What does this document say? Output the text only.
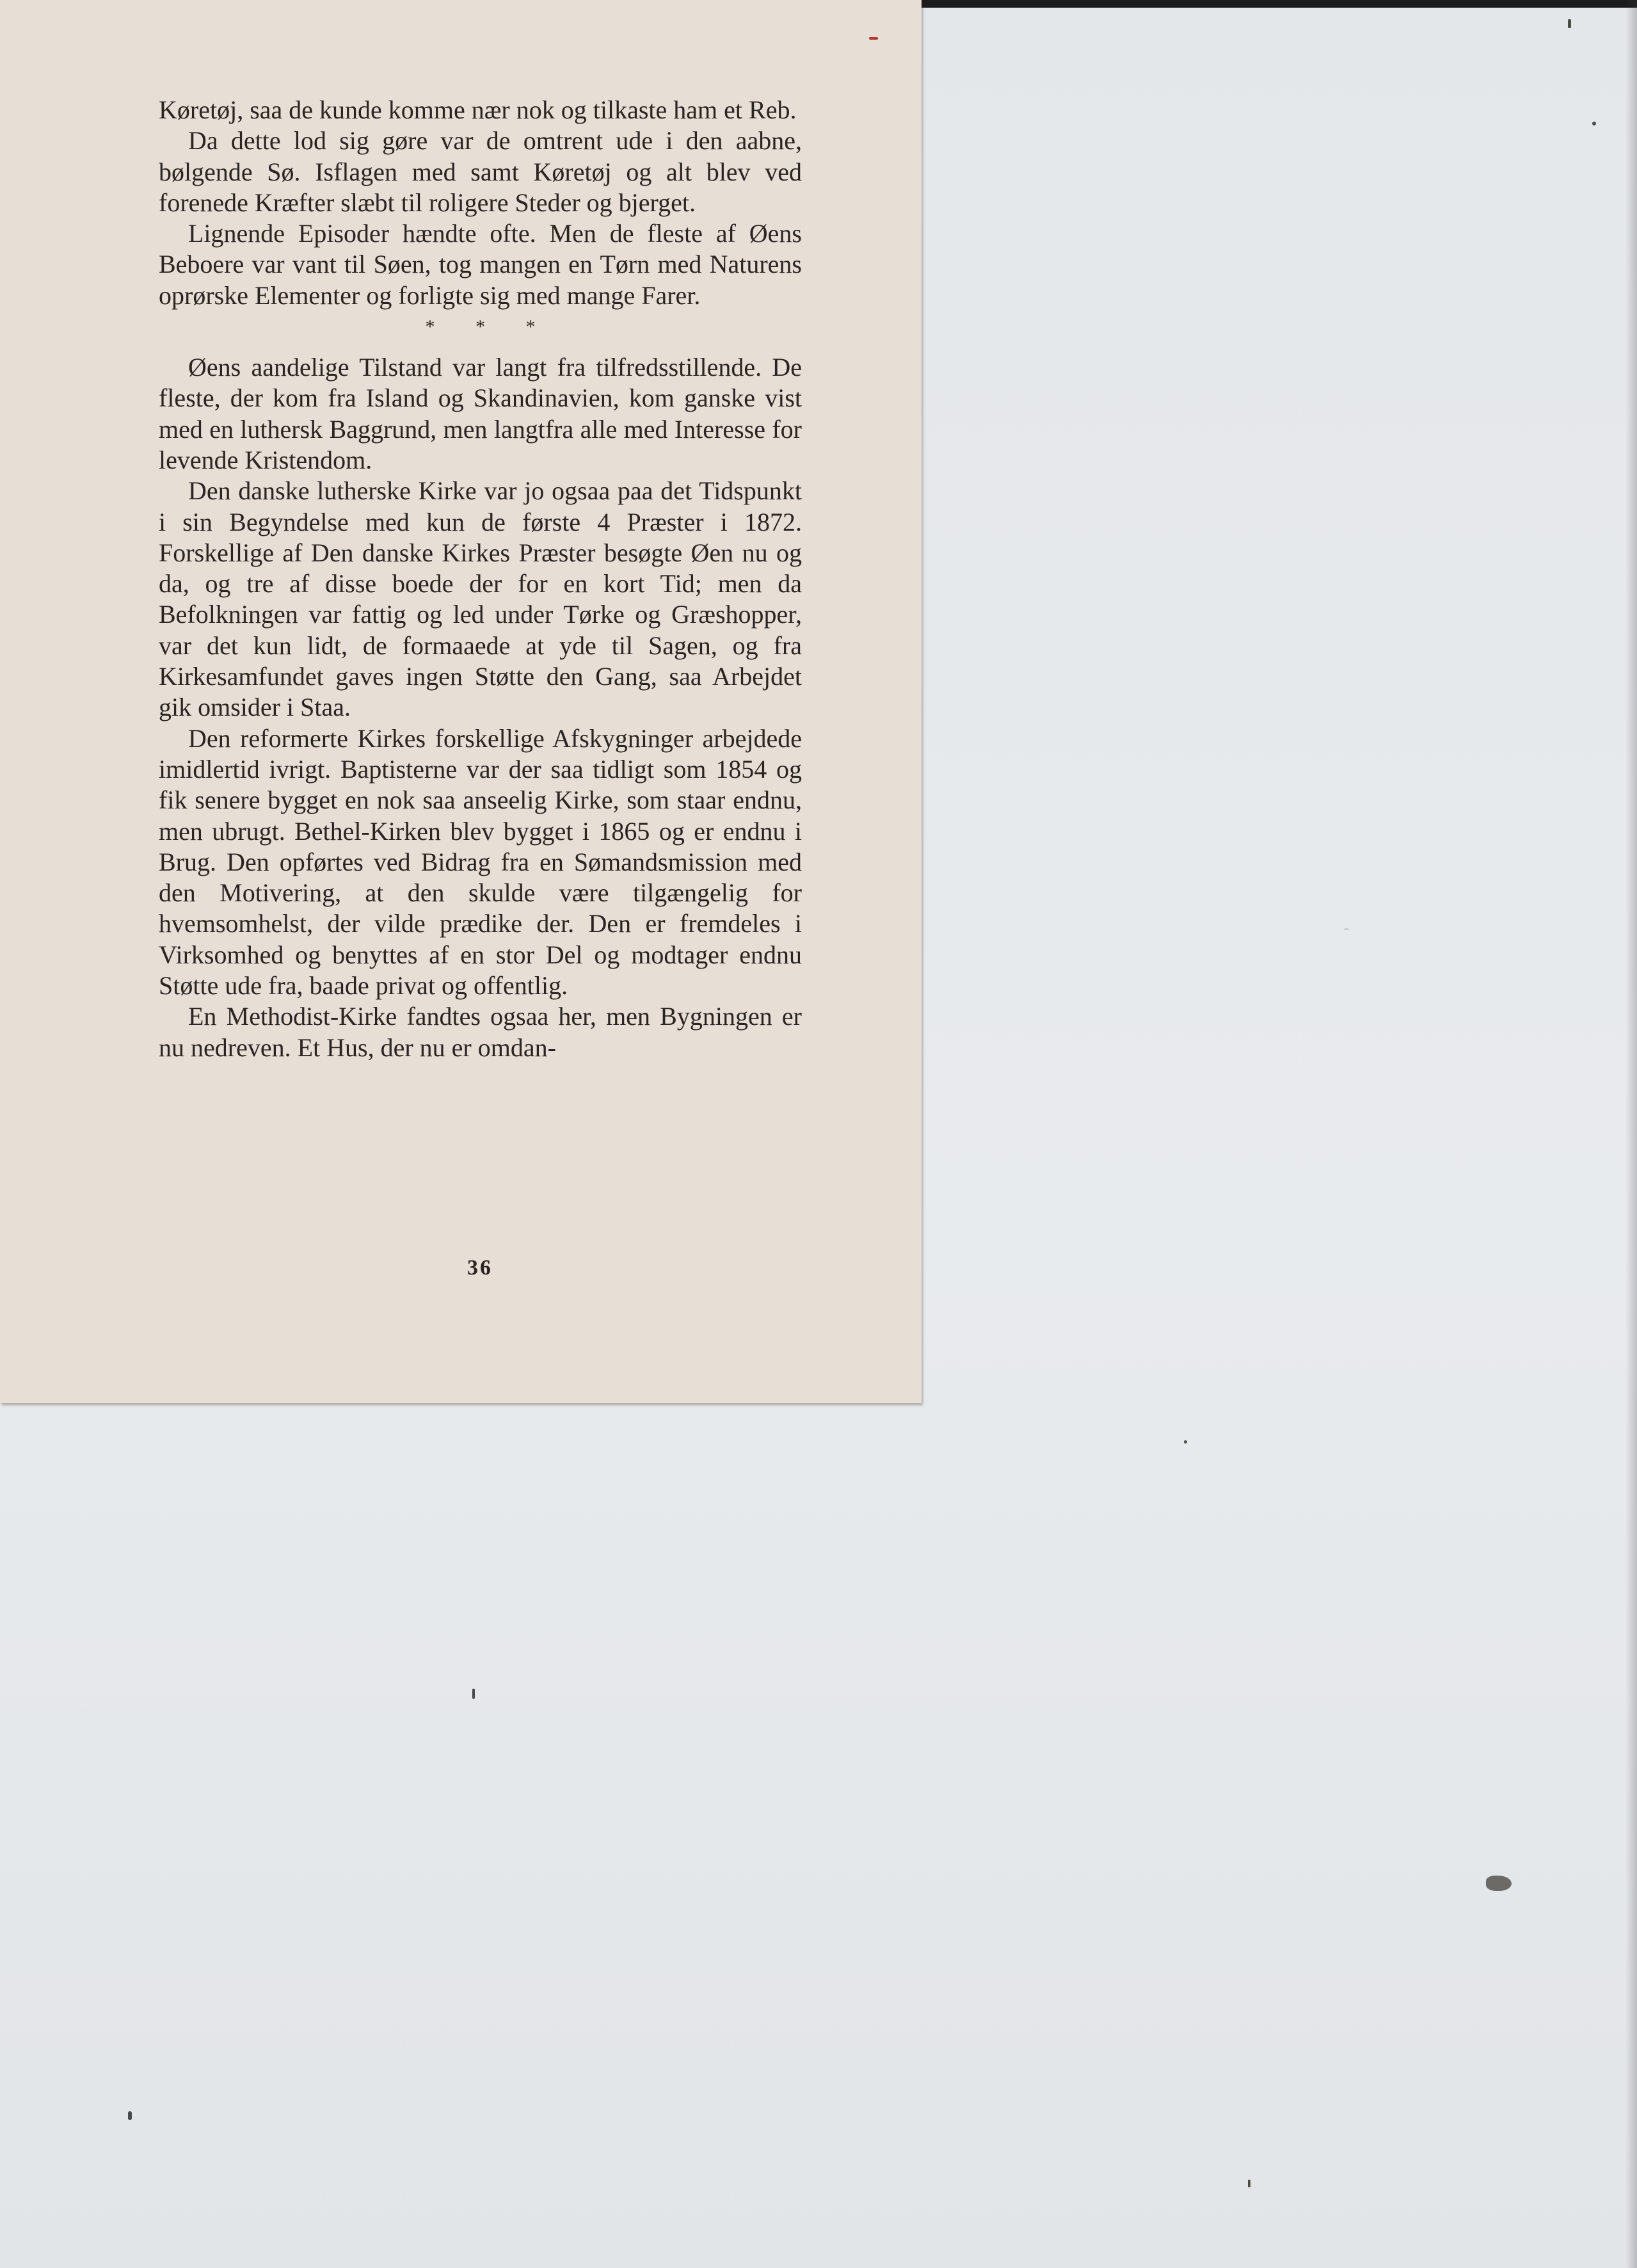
Køretøj, saa de kunde komme nær nok og tilkaste ham et Reb.

Da dette lod sig gøre var de omtrent ude i den aabne, bølgende Sø. Isflagen med samt Køretøj og alt blev ved forenede Kræfter slæbt til roligere Steder og bjerget.

Lignende Episoder hændte ofte. Men de fleste af Øens Beboere var vant til Søen, tog mangen en Tørn med Naturens oprørske Elementer og forligte sig med mange Farer.

* * *

Øens aandelige Tilstand var langt fra tilfredsstillende. De fleste, der kom fra Island og Skandinavien, kom ganske vist med en luthersk Baggrund, men langtfra alle med Interesse for levende Kristendom.

Den danske lutherske Kirke var jo ogsaa paa det Tidspunkt i sin Begyndelse med kun de første 4 Præster i 1872. Forskellige af Den danske Kirkes Præster besøgte Øen nu og da, og tre af disse boede der for en kort Tid; men da Befolkningen var fattig og led under Tørke og Græshopper, var det kun lidt, de formaaede at yde til Sagen, og fra Kirkesamfundet gaves ingen Støtte den Gang, saa Arbejdet gik omsider i Staa.

Den reformerte Kirkes forskellige Afskygninger arbejdede imidlertid ivrigt. Baptisterne var der saa tidligt som 1854 og fik senere bygget en nok saa anseelig Kirke, som staar endnu, men ubrugt. Bethel-Kirken blev bygget i 1865 og er endnu i Brug. Den opførtes ved Bidrag fra en Sømandsmission med den Motivering, at den skulde være tilgængelig for hvemsomhelst, der vilde prædike der. Den er fremdeles i Virksomhed og benyttes af en stor Del og modtager endnu Støtte ude fra, baade privat og offentlig.

En Methodist-Kirke fandtes ogsaa her, men Bygningen er nu nedreven. Et Hus, der nu er omdan-

36
